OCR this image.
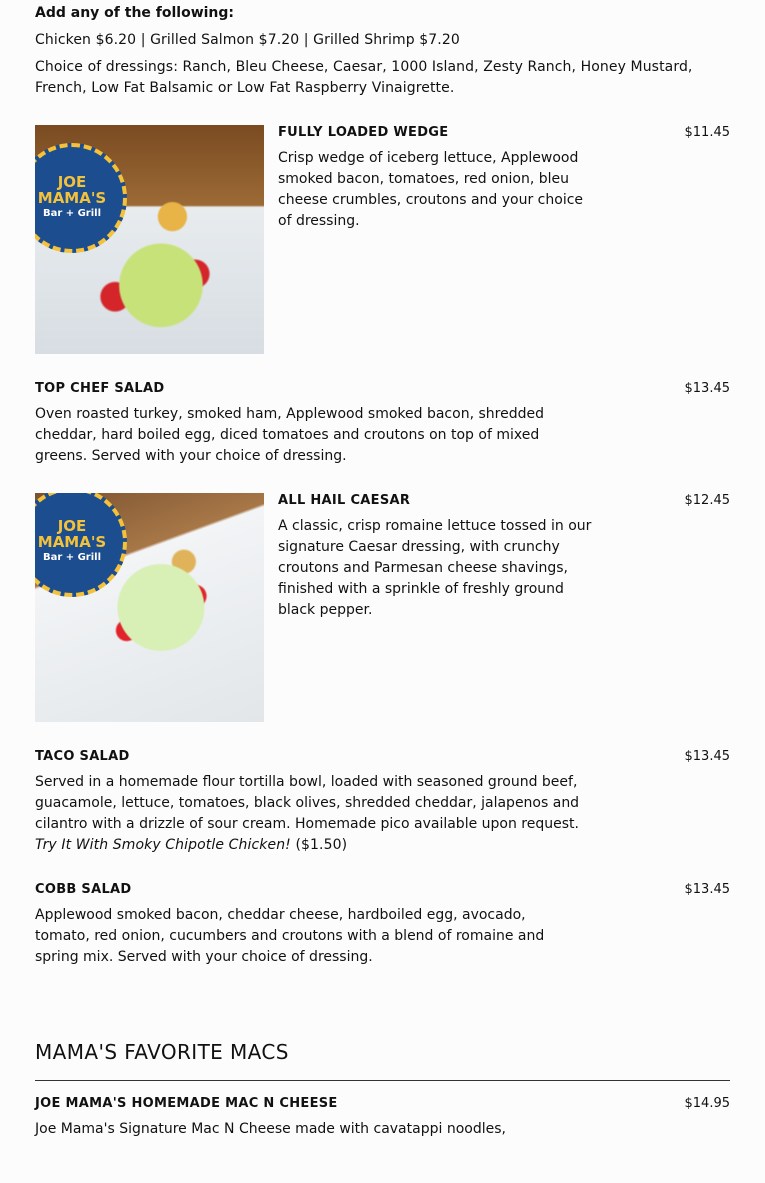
Add any of the following:
Chicken $6.20 | Grilled Salmon $7.20 | Grilled Shrimp $7.20
Choice of dressings: Ranch, Bleu Cheese, Caesar, 1000 Island, Zesty Ranch, Honey Mustard,
French, Low Fat Balsamic or Low Fat Raspberry Vinaigrette.
JOE
MAMA'S
Bar + Grill
FULLY LOADED WEDGE	$11.45
Crisp wedge of iceberg lettuce, Applewood smoked bacon, tomatoes, red onion, bleu cheese crumbles, croutons and your choice of dressing.
TOP CHEF SALAD	$13.45
Oven roasted turkey, smoked ham, Applewood smoked bacon, shredded cheddar, hard boiled egg, diced tomatoes and croutons on top of mixed greens. Served with your choice of dressing.
JOE
MAMA'S
Bar + Grill
ALL HAIL CAESAR	$12.45
A classic, crisp romaine lettuce tossed in our signature Caesar dressing, with crunchy croutons and Parmesan cheese shavings, finished with a sprinkle of freshly ground black pepper.
TACO SALAD	$13.45
Served in a homemade flour tortilla bowl, loaded with seasoned ground beef, guacamole, lettuce, tomatoes, black olives, shredded cheddar, jalapenos and cilantro with a drizzle of sour cream. Homemade pico available upon request.
Try It With Smoky Chipotle Chicken! ($1.50)
COBB SALAD	$13.45
Applewood smoked bacon, cheddar cheese, hardboiled egg, avocado, tomato, red onion, cucumbers and croutons with a blend of romaine and spring mix. Served with your choice of dressing.
MAMA'S FAVORITE MACS
JOE MAMA'S HOMEMADE MAC N CHEESE	$14.95
Joe Mama's Signature Mac N Cheese made with cavatappi noodles,
